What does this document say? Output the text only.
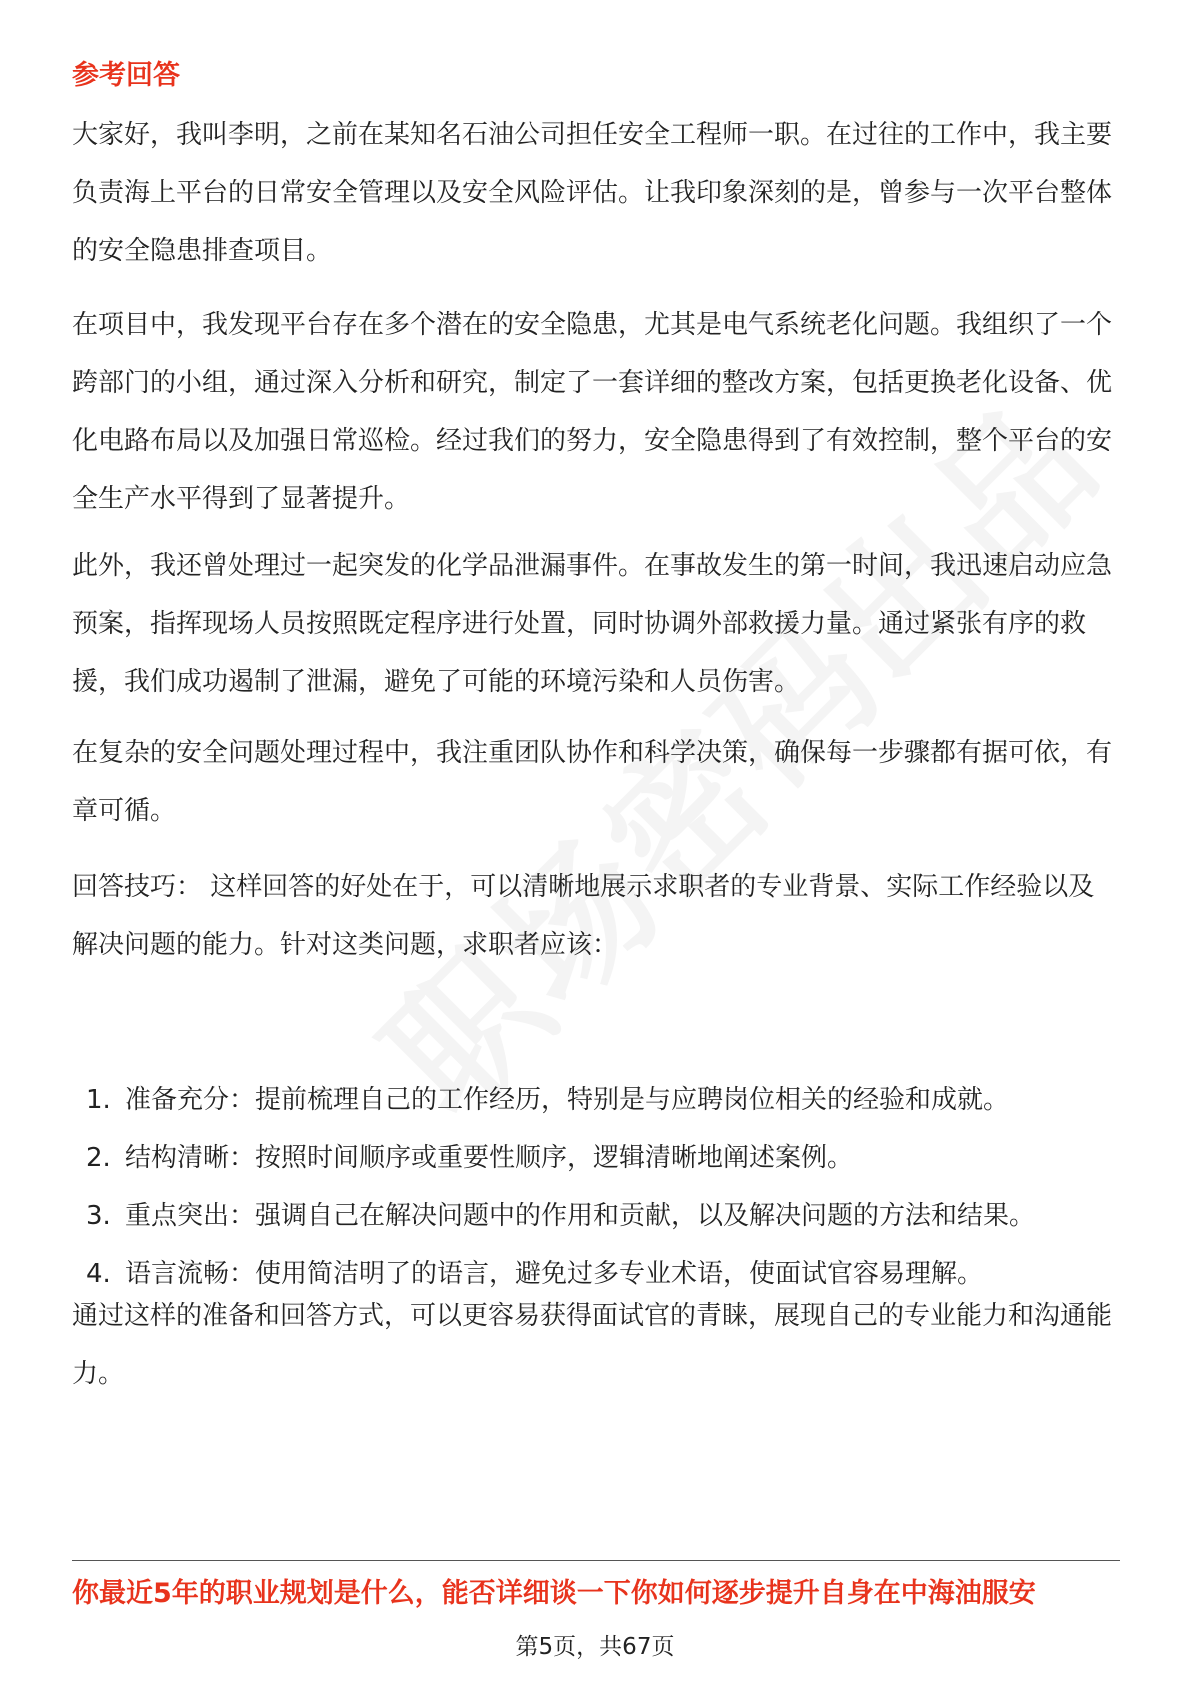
参考回答

大家好，我叫李明，之前在某知名石油公司担任安全工程师一职。在过往的工作中，我主要负责海上平台的日常安全管理以及安全风险评估。让我印象深刻的是，曾参与一次平台整体的安全隐患排查项目。

在项目中，我发现平台存在多个潜在的安全隐患，尤其是电气系统老化问题。我组织了一个跨部门的小组，通过深入分析和研究，制定了一套详细的整改方案，包括更换老化设备、优化电路布局以及加强日常巡检。经过我们的努力，安全隐患得到了有效控制，整个平台的安全生产水平得到了显著提升。

此外，我还曾处理过一起突发的化学品泄漏事件。在事故发生的第一时间，我迅速启动应急预案，指挥现场人员按照既定程序进行处置，同时协调外部救援力量。通过紧张有序的救援，我们成功遏制了泄漏，避免了可能的环境污染和人员伤害。

在复杂的安全问题处理过程中，我注重团队协作和科学决策，确保每一步骤都有据可依，有章可循。

回答技巧： 这样回答的好处在于，可以清晰地展示求职者的专业背景、实际工作经验以及解决问题的能力。针对这类问题，求职者应该：

1. 准备充分：提前梳理自己的工作经历，特别是与应聘岗位相关的经验和成就。
2. 结构清晰：按照时间顺序或重要性顺序，逻辑清晰地阐述案例。
3. 重点突出：强调自己在解决问题中的作用和贡献，以及解决问题的方法和结果。
4. 语言流畅：使用简洁明了的语言，避免过多专业术语，使面试官容易理解。

通过这样的准备和回答方式，可以更容易获得面试官的青睐，展现自己的专业能力和沟通能力。

你最近5年的职业规划是什么，能否详细谈一下你如何逐步提升自身在中海油服安
第5页，共67页
